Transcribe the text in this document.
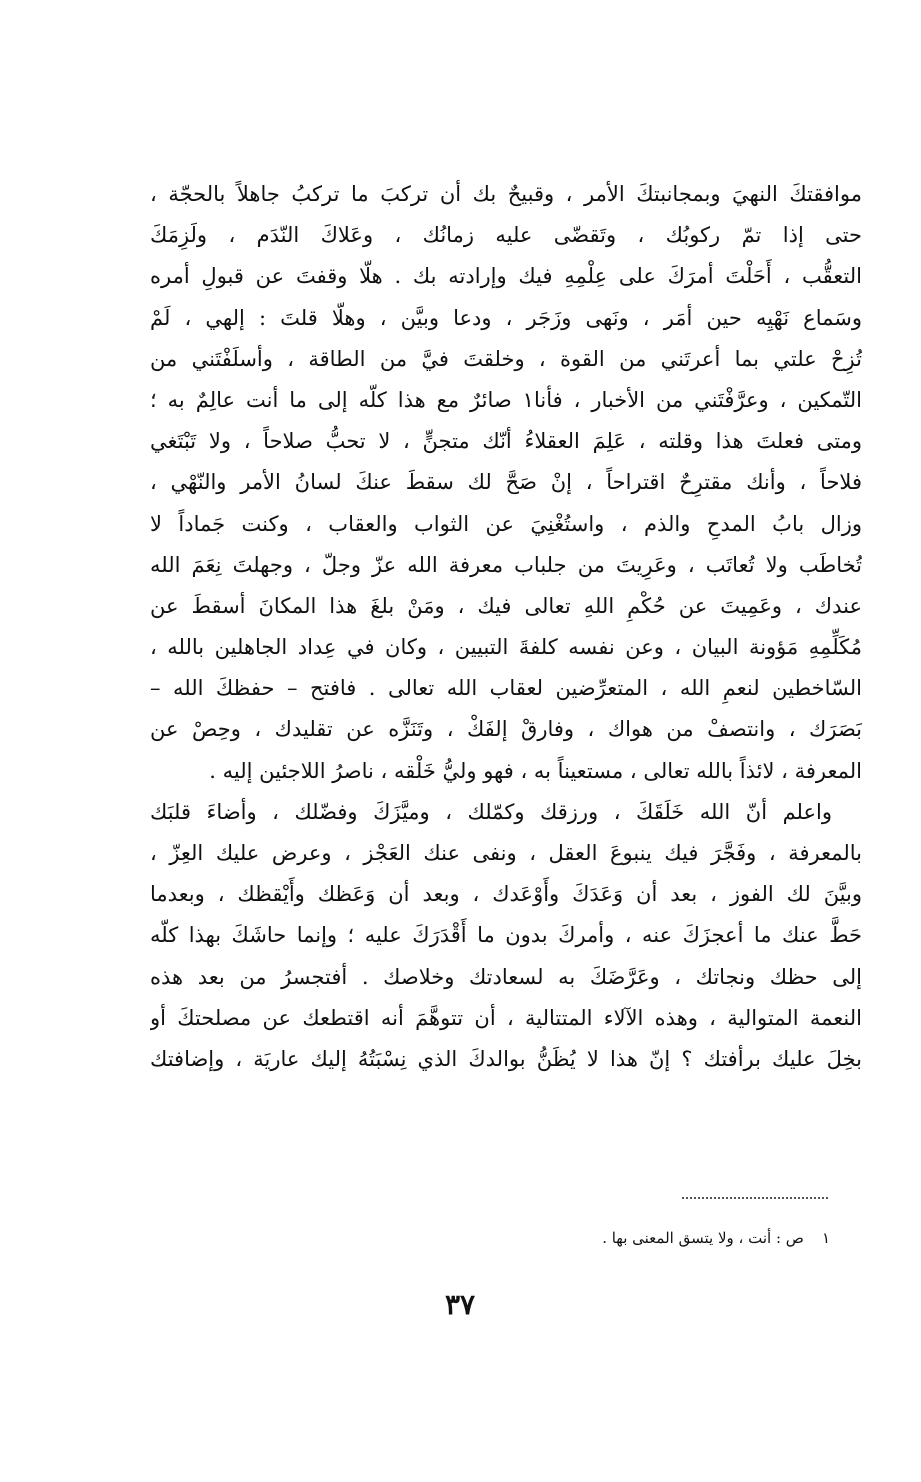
موافقتكَ النهيَ وبمجانبتكَ الأمر ، وقبيحٌ بك أن تركبَ ما تركبُ جاهلاً بالحجّة ،
حتى إذا تمّ ركوبُك ، وتَقضّى عليه زمانُك ، وعَلاكَ النّدَم ، ولَزِمَكَ
التعقُّب ، أَحَلْتَ أمرَكَ على عِلْمِهِ فيك وإرادته بك . هلّا وقفتَ عن قبولِ أمره
وسَماع نَهْيِه حين أمَر ، ونَهى وزَجَر ، ودعا وبيَّن ، وهلّا قلتَ : إلهي ، لَمْ
تُزِحْ علتي بما أعرتَني من القوة ، وخلقتَ فيَّ من الطاقة ، وأسلَفْتَني من
التّمكين ، وعرَّفْتَني من الأخبار ، فأنا١ صائرٌ مع هذا كلّه إلى ما أنت عالِمٌ به ؛
ومتى فعلتَ هذا وقلته ، عَلِمَ العقلاءُ أنّك متجنٍّ ، لا تحبُّ صلاحاً ، ولا تَبْتَغي
فلاحاً ، وأنك مقترِحٌ اقتراحاً ، إنْ صَحَّ لك سقطَ عنكَ لسانُ الأمر والنّهْي ،
وزال بابُ المدحِ والذم ، واستُغْنِيَ عن الثواب والعقاب ، وكنت جَماداً لا
تُخاطَب ولا تُعاتَب ، وعَرِيتَ من جلباب معرفة الله عزّ وجلّ ، وجهلتَ نِعَمَ الله
عندك ، وعَمِيتَ عن حُكْمِ اللهِ تعالى فيك ، ومَنْ بلغَ هذا المكانَ أسقطَ عن
مُكَلِّمِهِ مَؤونة البيان ، وعن نفسه كلفةَ التبيين ، وكان في عِداد الجاهلين بالله ،
السّاخطين لنعمِ الله ، المتعرِّضين لعقاب الله تعالى . فافتح – حفظكَ الله –
بَصَرَك ، وانتصفْ من هواك ، وفارقْ إلفَكْ ، وتَنَزَّه عن تقليدك ، وحِصْ عن
المعرفة ، لائذاً بالله تعالى ، مستعيناً به ، فهو وليُّ خَلْقه ، ناصرُ اللاجئين إليه .
واعلم أنّ الله خَلَقَكَ ، ورزقك وكمّلك ، وميَّزَكَ وفضّلك ، وأضاءَ قلبَك
بالمعرفة ، وفَجَّرَ فيك ينبوعَ العقل ، ونفى عنك العَجْز ، وعرض عليك العِزّ ،
وبيَّنَ لك الفوز ، بعد أن وَعَدَكَ وأَوْعَدك ، وبعد أن وَعَظك وأَيْقظك ، وبعدما
حَطَّ عنك ما أعجزَكَ عنه ، وأمركَ بدون ما أَقْدَرَكَ عليه ؛ وإنما حاشَكَ بهذا كلّه
إلى حظك ونجاتك ، وعَرَّضَكَ به لسعادتك وخلاصك . أفتجسرُ من بعد هذه
النعمة المتوالية ، وهذه الآلاء المتتالية ، أن تتوهَّمَ أنه اقتطعك عن مصلحتكَ أو
بخِلَ عليك برأفتك ؟ إنّ هذا لا يُظَنُّ بوالدكَ الذي نِسْبَتُهُ إليك عاريَة ، وإضافتك
١ص : أنت ، ولا يتسق المعنى بها .
٣٧
